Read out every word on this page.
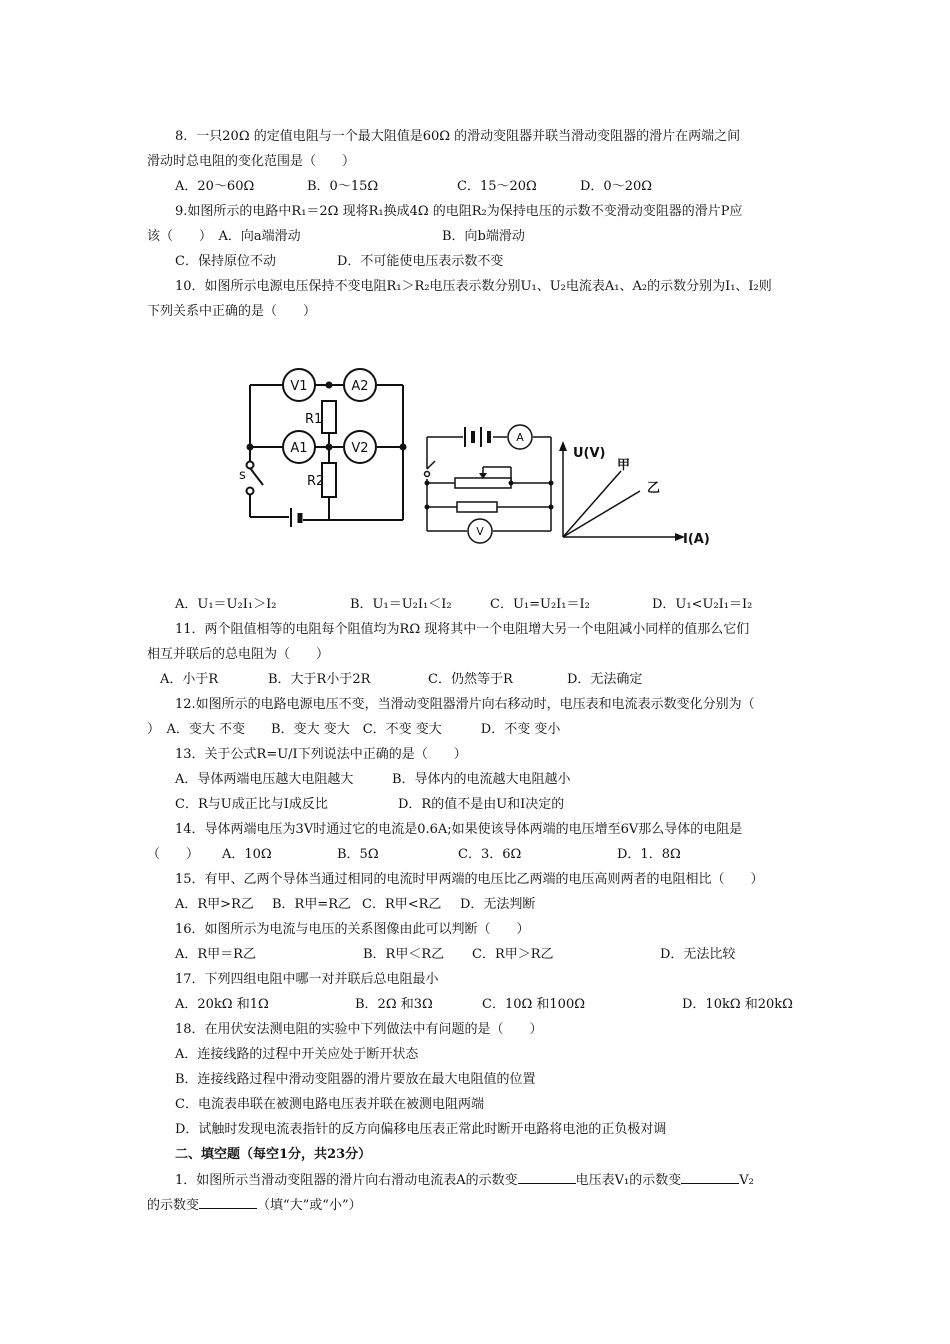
8．一只20Ω 的定值电阻与一个最大阻值是60Ω 的滑动变阻器并联当滑动变阻器的滑片在两端之间
滑动时总电阻的变化范围是（　　）
A．20～60Ω	B．0～15Ω	C．15～20Ω	D．0～20Ω
9.如图所示的电路中R₁＝2Ω 现将R₁换成4Ω 的电阻R₂为保持电压的示数不变滑动变阻器的滑片P应
该（　　）　A．向a端滑动	B．向b端滑动
C．保持原位不动	D．不可能使电压表示数不变
10．如图所示电源电压保持不变电阻R₁＞R₂电压表示数分别U₁、U₂电流表A₁、A₂的示数分别为I₁、I₂则
下列关系中正确的是（　　）
V1	A2
R1
A1	V2
R2
s
A
V
U(V)
I(A)
甲
乙
A．U₁＝U₂I₁＞I₂	B．U₁＝U₂I₁＜I₂	C．U₁=U₂I₁＝I₂	D．U₁<U₂I₁＝I₂
11．两个阻值相等的电阻每个阻值均为RΩ 现将其中一个电阻增大另一个电阻减小同样的值那么它们
相互并联后的总电阻为（　　）
A．小于R	B．大于R小于2R	C．仍然等于R	D．无法确定
12.如图所示的电路电源电压不变，当滑动变阻器滑片向右移动时，电压表和电流表示数变化分别为（
）　A．变大 不变　　B．变大 变大　C．不变 变大　　　D．不变 变小
13．关于公式R=U/I下列说法中正确的是（　　）
A．导体两端电压越大电阻越大	B．导体内的电流越大电阻越小
C．R与U成正比与I成反比	D．R的值不是由U和I决定的
14．导体两端电压为3V时通过它的电流是0.6A;如果使该导体两端的电压增至6V那么导体的电阻是
（　　） A．10Ω	B．5Ω	C．3．6Ω	D．1．8Ω
15．有甲、乙两个导体当通过相同的电流时甲两端的电压比乙两端的电压高则两者的电阻相比（　　）
A．R甲>R乙 B．R甲=R乙 C．R甲<R乙 D．无法判断
16．如图所示为电流与电压的关系图像由此可以判断（　　）
A．R甲＝R乙	B．R甲＜R乙 C．R甲＞R乙	D．无法比较
17．下列四组电阻中哪一对并联后总电阻最小
A．20kΩ 和1Ω	B．2Ω 和3Ω	C．10Ω 和100Ω	D．10kΩ 和20kΩ
18．在用伏安法测电阻的实验中下列做法中有问题的是（　　）
A．连接线路的过程中开关应处于断开状态
B．连接线路过程中滑动变阻器的滑片要放在最大电阻值的位置
C．电流表串联在被测电路电压表并联在被测电阻两端
D．试触时发现电流表指针的反方向偏移电压表正常此时断开电路将电池的正负极对调
二、填空题（每空1分，共23分）
1．如图所示当滑动变阻器的滑片向右滑动电流表A的示数变	电压表V₁的示数变	V₂
的示数变	（填“大”或“小”）
